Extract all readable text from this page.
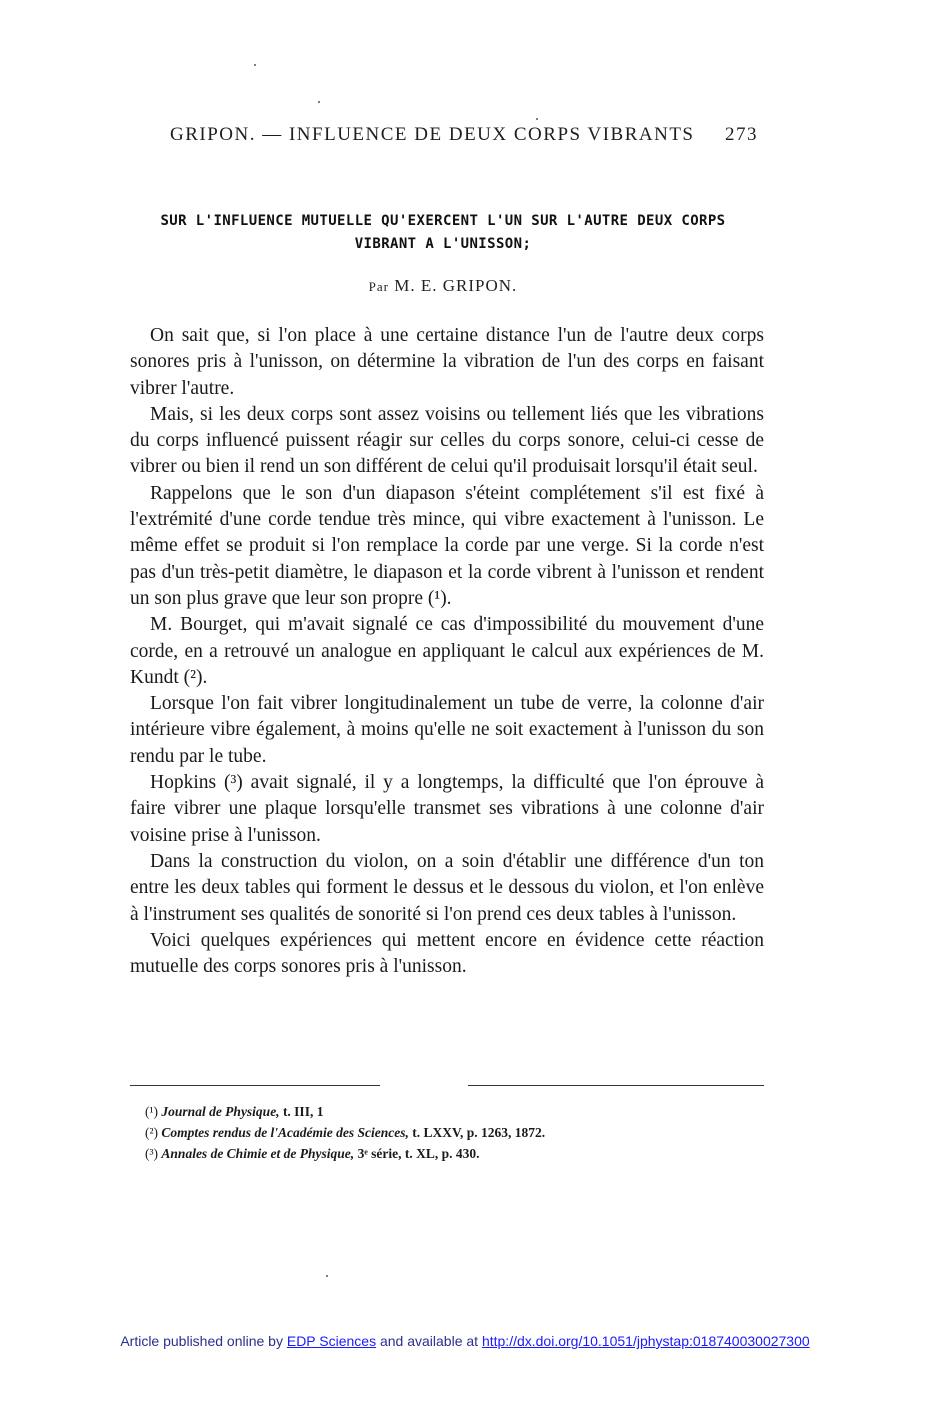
GRIPON. — INFLUENCE DE DEUX CORPS VIBRANTS 273
SUR L'INFLUENCE MUTUELLE QU'EXERCENT L'UN SUR L'AUTRE DEUX CORPS
VIBRANT A L'UNISSON;
Par M. E. GRIPON.

On sait que, si l'on place à une certaine distance l'un de l'autre deux corps sonores pris à l'unisson, on détermine la vibration de l'un des corps en faisant vibrer l'autre.

Mais, si les deux corps sont assez voisins ou tellement liés que les vibrations du corps influencé puissent réagir sur celles du corps sonore, celui-ci cesse de vibrer ou bien il rend un son différent de celui qu'il produisait lorsqu'il était seul.

Rappelons que le son d'un diapason s'éteint complétement s'il est fixé à l'extrémité d'une corde tendue très mince, qui vibre exactement à l'unisson. Le même effet se produit si l'on remplace la corde par une verge. Si la corde n'est pas d'un très-petit diamètre, le diapason et la corde vibrent à l'unisson et rendent un son plus grave que leur son propre (¹).

M. Bourget, qui m'avait signalé ce cas d'impossibilité du mouvement d'une corde, en a retrouvé un analogue en appliquant le calcul aux expériences de M. Kundt (²).

Lorsque l'on fait vibrer longitudinalement un tube de verre, la colonne d'air intérieure vibre également, à moins qu'elle ne soit exactement à l'unisson du son rendu par le tube.

Hopkins (³) avait signalé, il y a longtemps, la difficulté que l'on éprouve à faire vibrer une plaque lorsqu'elle transmet ses vibrations à une colonne d'air voisine prise à l'unisson.

Dans la construction du violon, on a soin d'établir une différence d'un ton entre les deux tables qui forment le dessus et le dessous du violon, et l'on enlève à l'instrument ses qualités de sonorité si l'on prend ces deux tables à l'unisson.

Voici quelques expériences qui mettent encore en évidence cette réaction mutuelle des corps sonores pris à l'unisson.

(¹) Journal de Physique, t. III, 1
(²) Comptes rendus de l'Académie des Sciences, t. LXXV, p. 1263, 1872.
(³) Annales de Chimie et de Physique, 3ᵉ série, t. XL, p. 430.
Article published online by EDP Sciences and available at http://dx.doi.org/10.1051/jphystap:018740030027300
